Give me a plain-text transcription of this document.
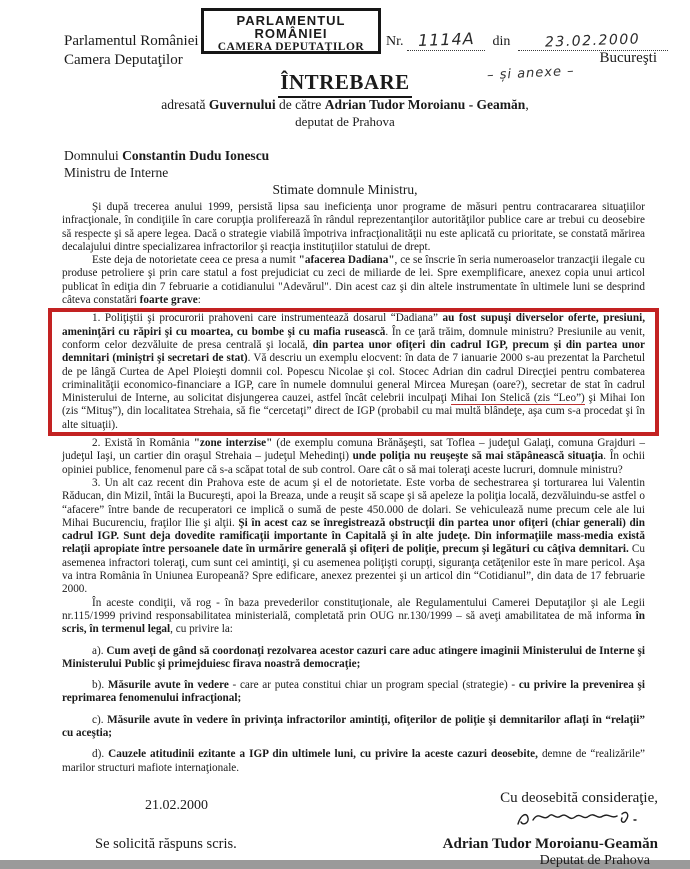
Parlamentul României
Camera Deputaţilor
PARLAMENTUL
ROMÂNIEI
CAMERA DEPUTAŢILOR	Nr. 1114A din 23.02.2000
Bucureşti
ÎNTREBARE	– și anexe –
adresată Guvernului de către Adrian Tudor Moroianu - Geamăn,
deputat de Prahova
Domnului Constantin Dudu Ionescu
Ministru de Interne
Stimate domnule Ministru,

Şi după trecerea anului 1999, persistă lipsa sau ineficienţa unor programe de măsuri pentru contracararea situaţiilor infracţionale, în condiţiile în care corupţia proliferează în rândul reprezentanţilor autorităţilor publice care ar trebui cu deosebire să respecte şi să apere legea. Dacă o strategie viabilă împotriva infracţionalităţii nu este aplicată cu prioritate, se constată mărirea decalajului dintre specializarea infractorilor şi reacţia instituţiilor statului de drept.

Este deja de notorietate ceea ce presa a numit "afacerea Dadiana", ce se înscrie în seria numeroaselor tranzacţii ilegale cu produse petroliere şi prin care statul a fost prejudiciat cu zeci de miliarde de lei. Spre exemplificare, anexez copia unui articol publicat în ediţia din 7 februarie a cotidianului "Adevărul". Din acest caz şi din altele instrumentate în ultimele luni se desprind câteva constatări foarte grave:

1. Poliţiştii şi procurorii prahoveni care instrumentează dosarul “Dadiana” au fost supuşi diverselor oferte, presiuni, ameninţări cu răpiri şi cu moartea, cu bombe şi cu mafia rusească. În ce ţară trăim, domnule ministru? Presiunile au venit, conform celor dezvăluite de presa centrală şi locală, din partea unor ofiţeri din cadrul IGP, precum şi din partea unor demnitari (miniştri şi secretari de stat). Vă descriu un exemplu elocvent: în data de 7 ianuarie 2000 s-au prezentat la Parchetul de pe lângă Curtea de Apel Ploieşti domnii col. Popescu Nicolae şi col. Stocec Adrian din cadrul Direcţiei pentru combaterea criminalităţii economico-financiare a IGP, care în numele domnului general Mircea Mureşan (oare?), secretar de stat în cadrul Ministerului de Interne, au solicitat disjungerea cauzei, astfel încât celebrii inculpaţi Mihai Ion Stelică (zis “Leo”) şi Mihai Ion (zis “Mituş”), din localitatea Strehaia, să fie “cercetaţi” direct de IGP (probabil cu mai multă blândeţe, aşa cum s-a procedat şi în alte situaţii).

2. Există în România "zone interzise" (de exemplu comuna Brănăşeşti, sat Toflea – judeţul Galaţi, comuna Grajduri – judeţul Iaşi, un cartier din oraşul Strehaia – judeţul Mehedinţi) unde poliţia nu reuşeşte să mai stăpânească situaţia. În ochii opiniei publice, fenomenul pare că s-a scăpat total de sub control. Oare cât o să mai toleraţi aceste lucruri, domnule ministru?

3. Un alt caz recent din Prahova este de acum şi el de notorietate. Este vorba de sechestrarea şi torturarea lui Valentin Răducan, din Mizil, întâi la Bucureşti, apoi la Breaza, unde a reuşit să scape şi să apeleze la poliţia locală, dezvăluindu-se astfel o “afacere” între bande de recuperatori ce implică o sumă de peste 450.000 de dolari. Se vehiculează nume precum cele ale lui Mihai Bucurenciu, fraţilor Ilie şi alţii. Şi în acest caz se înregistrează obstrucţii din partea unor ofiţeri (chiar generali) din cadrul IGP. Sunt deja dovedite ramificaţii importante în Capitală şi în alte judeţe. Din informaţiile mass-media există relaţii apropiate între persoanele date în urmărire generală şi ofiţeri de poliţie, precum şi legături cu câţiva demnitari. Cu asemenea infractori toleraţi, cum sunt cei amintiţi, şi cu asemenea poliţişti corupţi, siguranţa cetăţenilor este în mare pericol. Aşa va intra România în Uniunea Europeană? Spre edificare, anexez prezentei şi un articol din “Cotidianul”, din data de 17 februarie 2000.

În aceste condiţii, vă rog - în baza prevederilor constituţionale, ale Regulamentului Camerei Deputaţilor şi ale Legii nr.115/1999 privind responsabilitatea ministerială, completată prin OUG nr.130/1999 – să aveţi amabilitatea de mă informa în scris, în termenul legal, cu privire la:

a). Cum aveţi de gând să coordonaţi rezolvarea acestor cazuri care aduc atingere imaginii Ministerului de Interne şi Ministerului Public şi primejduiesc firava noastră democraţie;

b). Măsurile avute în vedere - care ar putea constitui chiar un program special (strategie) - cu privire la prevenirea şi reprimarea fenomenului infracţional;

c). Măsurile avute în vedere în privinţa infractorilor amintiţi, ofiţerilor de poliţie şi demnitarilor aflaţi în “relaţii” cu aceştia;

d). Cauzele atitudinii ezitante a IGP din ultimele luni, cu privire la aceste cazuri deosebite, demne de “realizările” marilor structuri mafiote internaţionale.

21.02.2000	Cu deosebită consideraţie,
Adrian Tudor Moroianu-Geamăn
Deputat de Prahova
Se solicită răspuns scris.
